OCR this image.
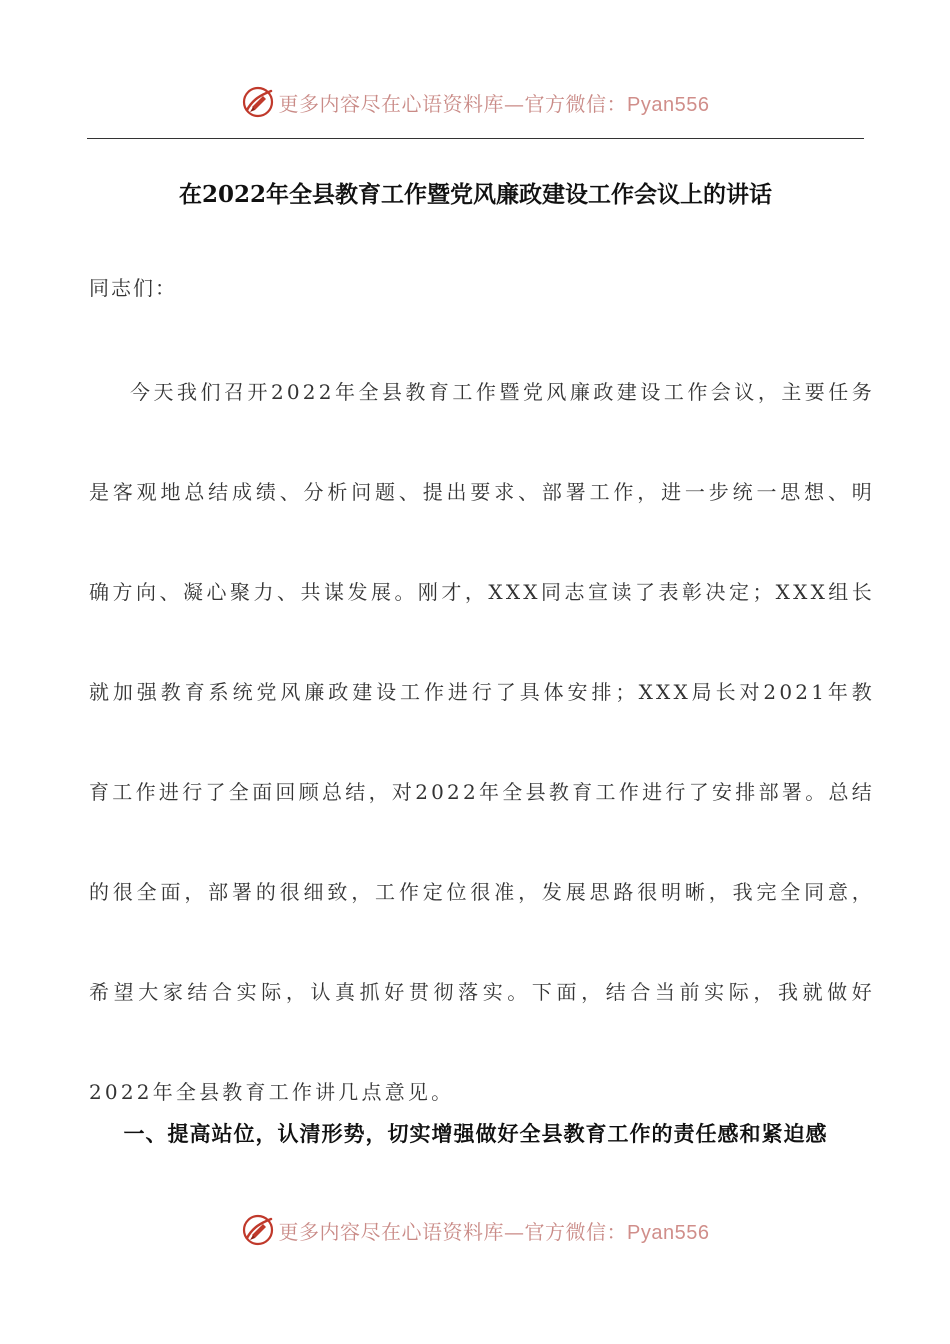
更多内容尽在心语资料库—官方微信：Pyan556
在2022年全县教育工作暨党风廉政建设工作会议上的讲话
同志们：

今天我们召开2022年全县教育工作暨党风廉政建设工作会议，主要任务是客观地总结成绩、分析问题、提出要求、部署工作，进一步统一思想、明确方向、凝心聚力、共谋发展。刚才，XXX同志宣读了表彰决定；XXX组长就加强教育系统党风廉政建设工作进行了具体安排；XXX局长对2021年教育工作进行了全面回顾总结，对2022年全县教育工作进行了安排部署。总结的很全面，部署的很细致，工作定位很准，发展思路很明晰，我完全同意，希望大家结合实际，认真抓好贯彻落实。下面，结合当前实际，我就做好2022年全县教育工作讲几点意见。

一、提高站位，认清形势，切实增强做好全县教育工作的责任感和紧迫感
更多内容尽在心语资料库—官方微信：Pyan556
